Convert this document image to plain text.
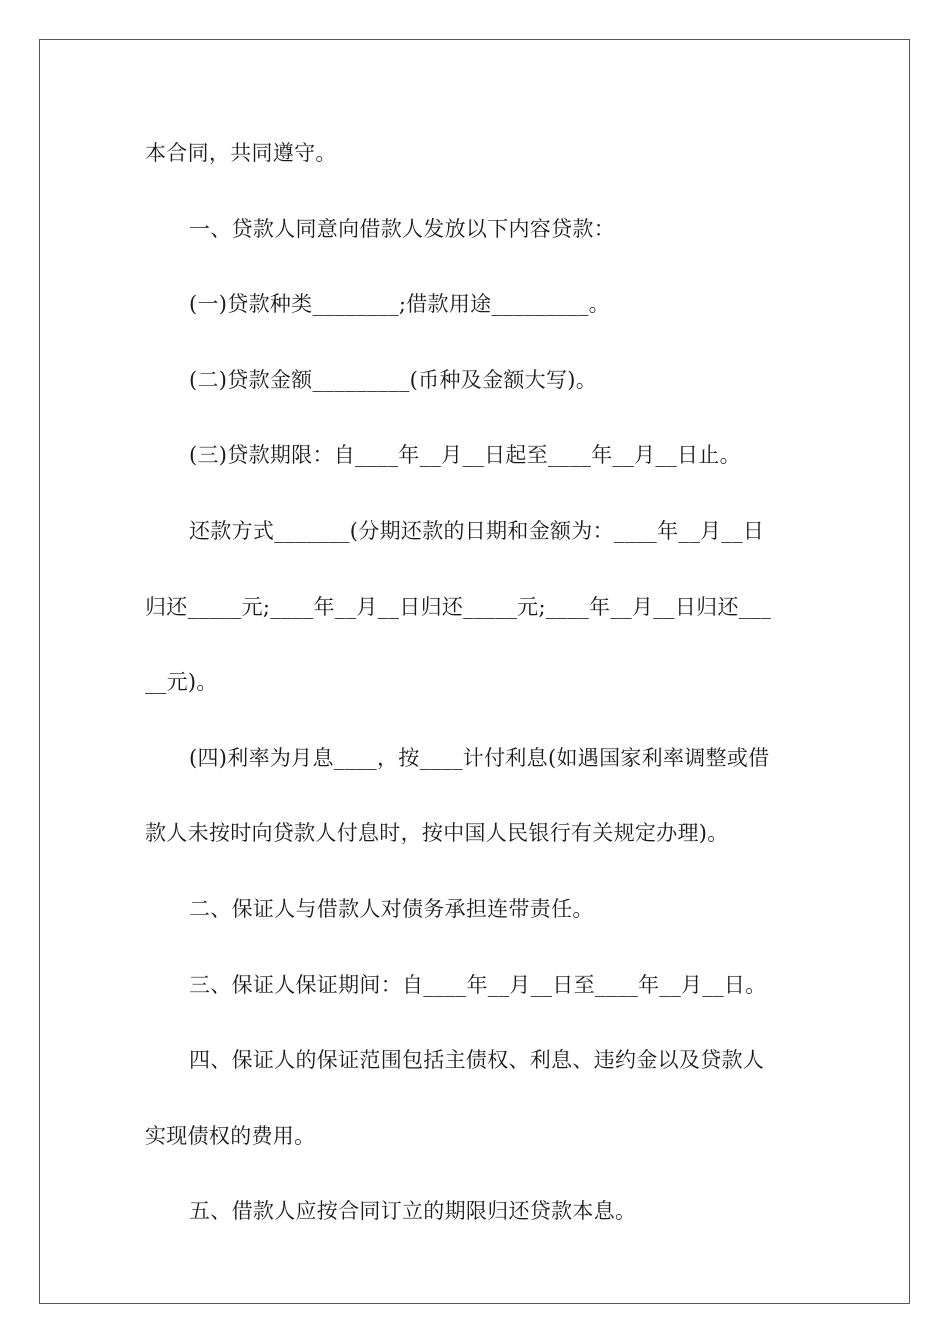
本合同，共同遵守。
一、贷款人同意向借款人发放以下内容贷款：
(一)贷款种类________;借款用途_________。
(二)贷款金额_________(币种及金额大写)。
(三)贷款期限：自____年__月__日起至____年__月__日止。
还款方式_______(分期还款的日期和金额为：____年__月__日
归还_____元;____年__月__日归还_____元;____年__月__日归还___
__元)。
(四)利率为月息____，按____计付利息(如遇国家利率调整或借
款人未按时向贷款人付息时，按中国人民银行有关规定办理)。
二、保证人与借款人对债务承担连带责任。
三、保证人保证期间：自____年__月__日至____年__月__日。
四、保证人的保证范围包括主债权、利息、违约金以及贷款人
实现债权的费用。
五、借款人应按合同订立的期限归还贷款本息。
